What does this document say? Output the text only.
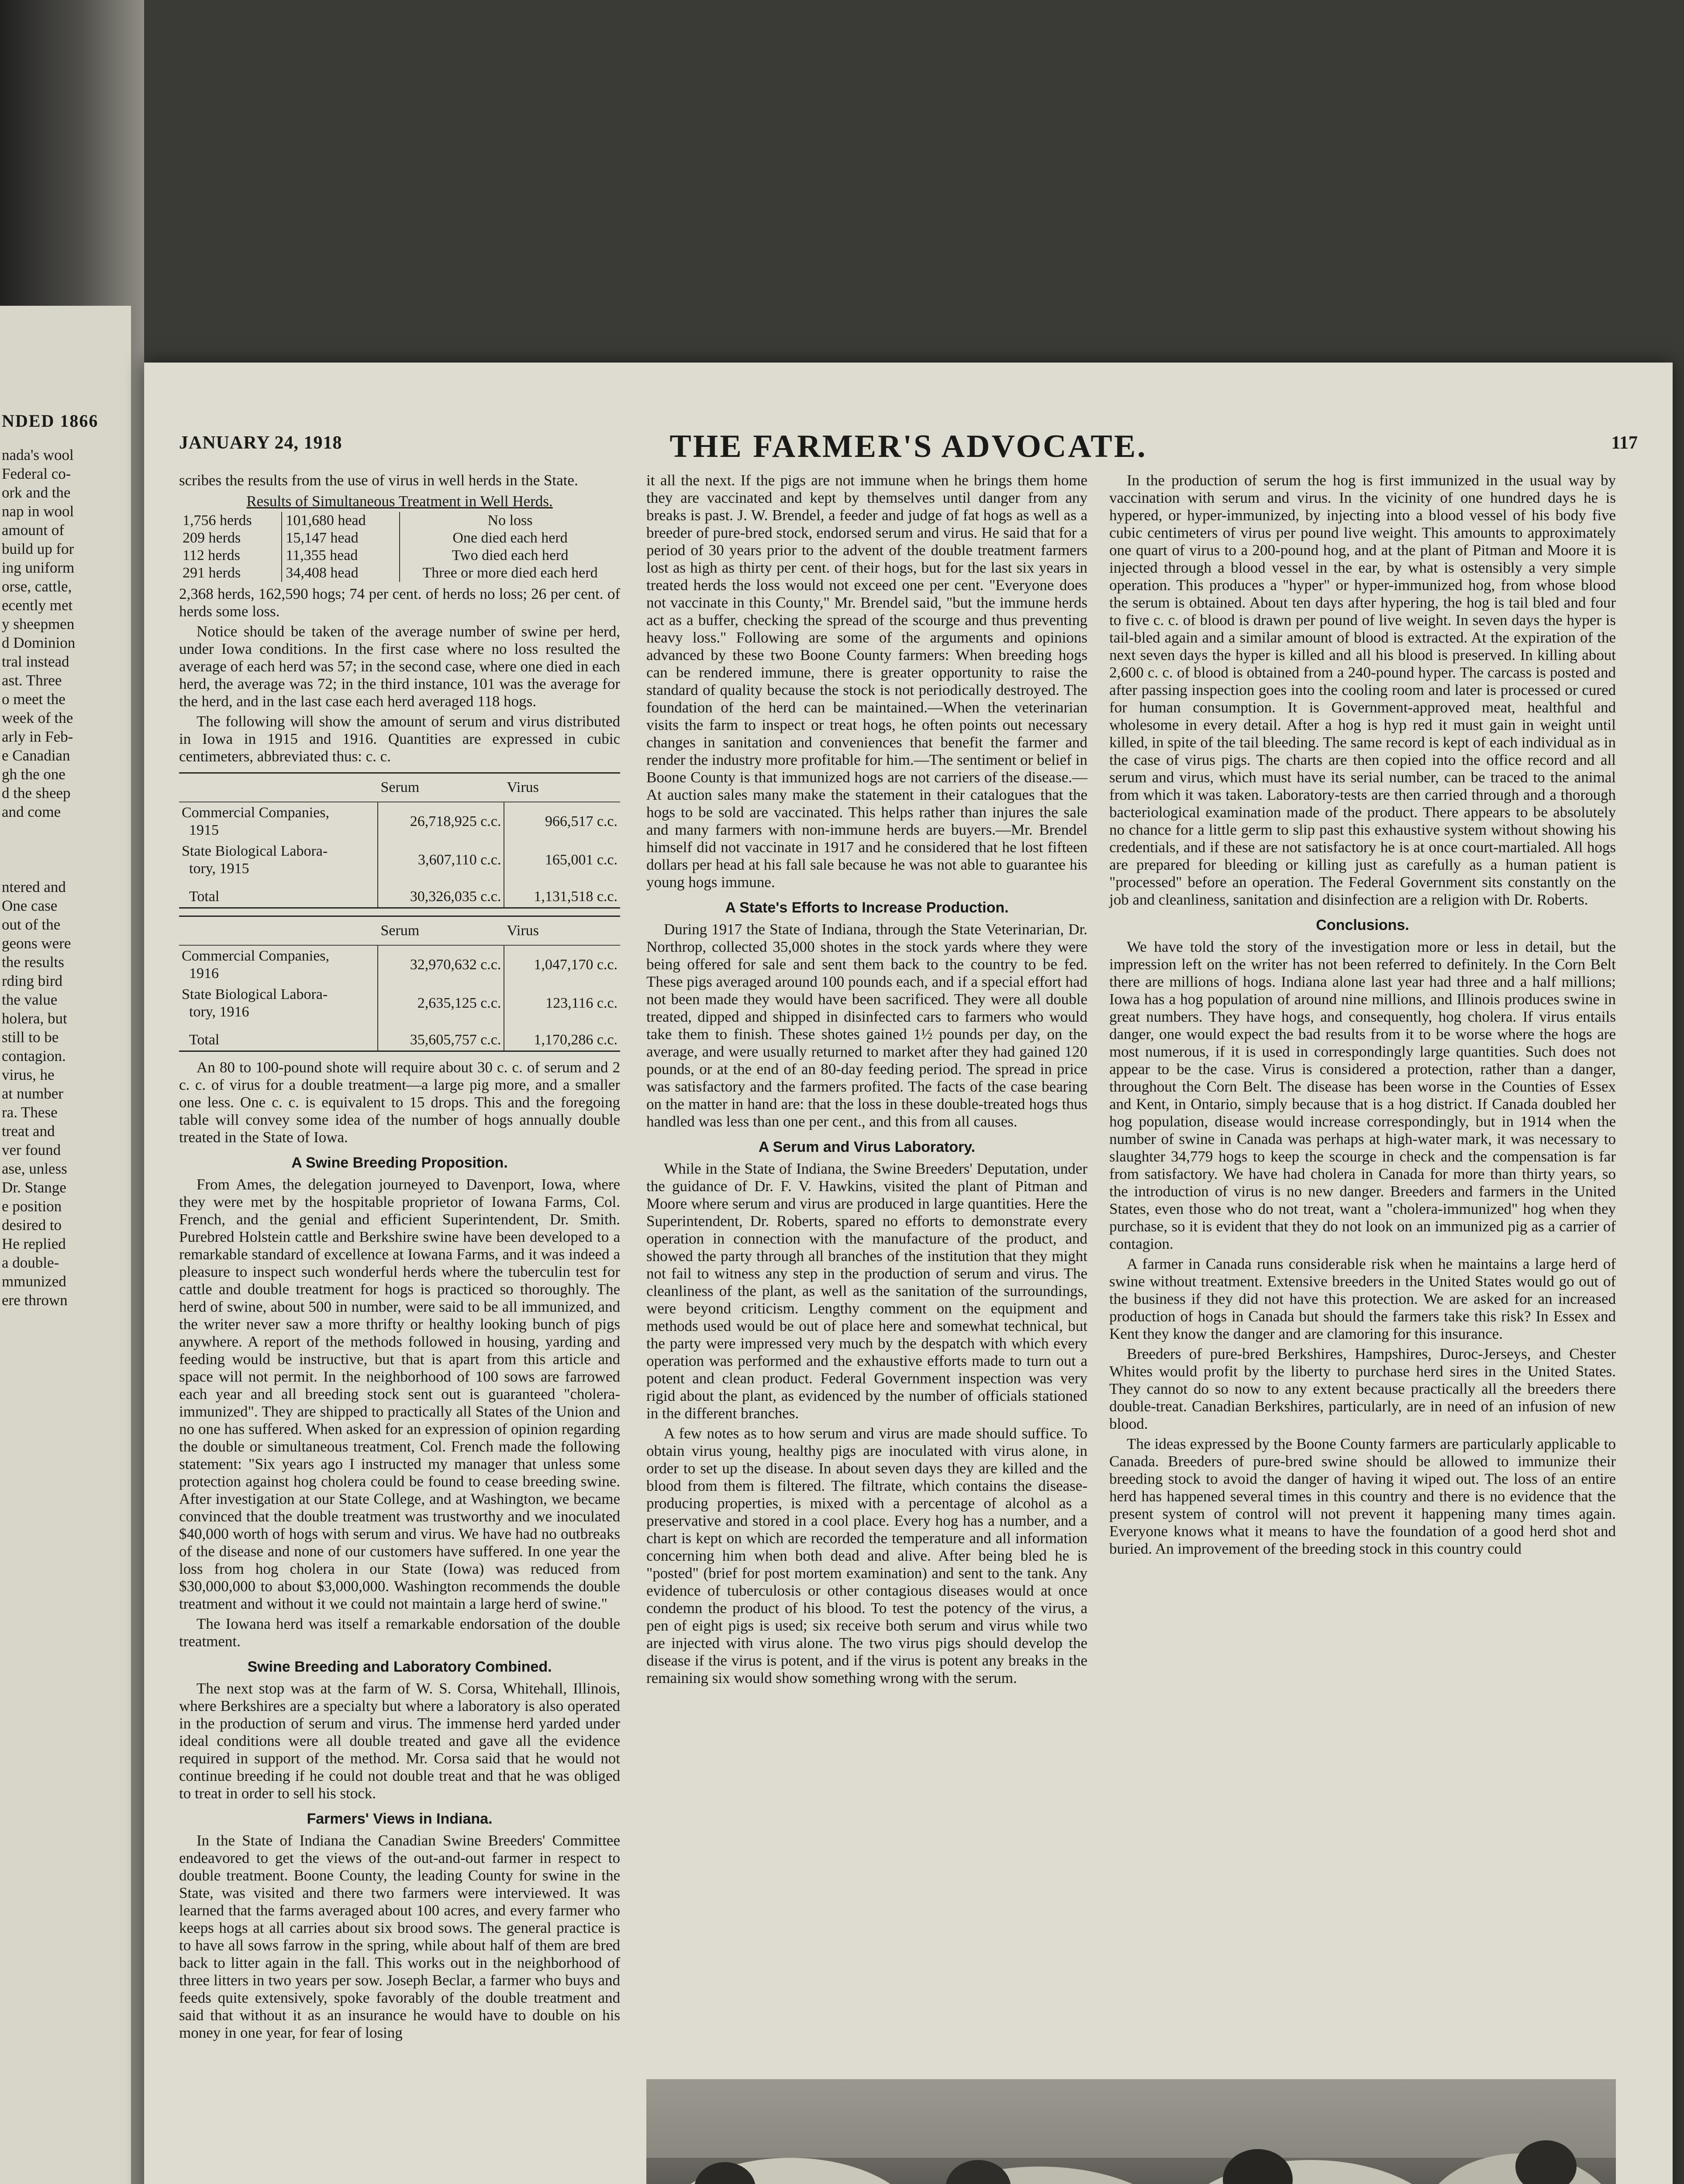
NDED 1866
nada's wool
Federal co-
ork and the
nap in wool
amount of
build up for
ing uniform
orse, cattle,
ecently met
y sheepmen
d Dominion
tral instead
ast. Three
o meet the
week of the
arly in Feb-
e Canadian
gh the one
d the sheep
and come

ntered and
One case
out of the
geons were
the results
rding bird
the value
holera, but
still to be
contagion.
virus, he
at number
ra. These
treat and
ver found
ase, unless
Dr. Stange
e position
desired to
He replied
a double-
mmunized
ere thrown
JANUARY 24, 1918	THE FARMER'S ADVOCATE.	117

scribes the results from the use of virus in well herds in the State.

Results of Simultaneous Treatment in Well Herds.
1,756 herds	101,680 head	No loss
209 herds	15,147 head	One died each herd
112 herds	11,355 head	Two died each herd
291 herds	34,408 head	Three or more died each herd

2,368 herds, 162,590 hogs; 74 per cent. of herds no loss; 26 per cent. of herds some loss.

Notice should be taken of the average number of swine per herd, under Iowa conditions. In the first case where no loss resulted the average of each herd was 57; in the second case, where one died in each herd, the average was 72; in the third instance, 101 was the average for the herd, and in the last case each herd averaged 118 hogs.

The following will show the amount of serum and virus distributed in Iowa in 1915 and 1916. Quantities are expressed in cubic centimeters, abbreviated thus: c. c.

	Serum	Virus
Commercial Companies,
1915	26,718,925 c.c.	966,517 c.c.
State Biological Labora-
tory, 1915	3,607,110 c.c.	165,001 c.c.
Total	30,326,035 c.c.	1,131,518 c.c.
	Serum	Virus
Commercial Companies,
1916	32,970,632 c.c.	1,047,170 c.c.
State Biological Labora-
tory, 1916	2,635,125 c.c.	123,116 c.c.
Total	35,605,757 c.c.	1,170,286 c.c.

An 80 to 100-pound shote will require about 30 c. c. of serum and 2 c. c. of virus for a double treatment—a large pig more, and a smaller one less. One c. c. is equivalent to 15 drops. This and the foregoing table will convey some idea of the number of hogs annually double treated in the State of Iowa.

A Swine Breeding Proposition.

From Ames, the delegation journeyed to Davenport, Iowa, where they were met by the hospitable proprietor of Iowana Farms, Col. French, and the genial and efficient Superintendent, Dr. Smith. Purebred Holstein cattle and Berkshire swine have been developed to a remarkable standard of excellence at Iowana Farms, and it was indeed a pleasure to inspect such wonderful herds where the tuberculin test for cattle and double treatment for hogs is practiced so thoroughly. The herd of swine, about 500 in number, were said to be all immunized, and the writer never saw a more thrifty or healthy looking bunch of pigs anywhere. A report of the methods followed in housing, yarding and feeding would be instructive, but that is apart from this article and space will not permit. In the neighborhood of 100 sows are farrowed each year and all breeding stock sent out is guaranteed "cholera-immunized". They are shipped to practically all States of the Union and no one has suffered. When asked for an expression of opinion regarding the double or simultaneous treatment, Col. French made the following statement: "Six years ago I instructed my manager that unless some protection against hog cholera could be found to cease breeding swine. After investigation at our State College, and at Washington, we became convinced that the double treatment was trustworthy and we inoculated $40,000 worth of hogs with serum and virus. We have had no outbreaks of the disease and none of our customers have suffered. In one year the loss from hog cholera in our State (Iowa) was reduced from $30,000,000 to about $3,000,000. Washington recommends the double treatment and without it we could not maintain a large herd of swine."

The Iowana herd was itself a remarkable endorsation of the double treatment.

Swine Breeding and Laboratory Combined.

The next stop was at the farm of W. S. Corsa, Whitehall, Illinois, where Berkshires are a specialty but where a laboratory is also operated in the production of serum and virus. The immense herd yarded under ideal conditions were all double treated and gave all the evidence required in support of the method. Mr. Corsa said that he would not continue breeding if he could not double treat and that he was obliged to treat in order to sell his stock.

Farmers' Views in Indiana.

In the State of Indiana the Canadian Swine Breeders' Committee endeavored to get the views of the out-and-out farmer in respect to double treatment. Boone County, the leading County for swine in the State, was visited and there two farmers were interviewed. It was learned that the farms averaged about 100 acres, and every farmer who keeps hogs at all carries about six brood sows. The general practice is to have all sows farrow in the spring, while about half of them are bred back to litter again in the fall. This works out in the neighborhood of three litters in two years per sow. Joseph Beclar, a farmer who buys and feeds quite extensively, spoke favorably of the double treatment and said that without it as an insurance he would have to double on his money in one year, for fear of losing

it all the next. If the pigs are not immune when he brings them home they are vaccinated and kept by themselves until danger from any breaks is past. J. W. Brendel, a feeder and judge of fat hogs as well as a breeder of pure-bred stock, endorsed serum and virus. He said that for a period of 30 years prior to the advent of the double treatment farmers lost as high as thirty per cent. of their hogs, but for the last six years in treated herds the loss would not exceed one per cent. "Everyone does not vaccinate in this County," Mr. Brendel said, "but the immune herds act as a buffer, checking the spread of the scourge and thus preventing heavy loss." Following are some of the arguments and opinions advanced by these two Boone County farmers: When breeding hogs can be rendered immune, there is greater opportunity to raise the standard of quality because the stock is not periodically destroyed. The foundation of the herd can be maintained.—When the veterinarian visits the farm to inspect or treat hogs, he often points out necessary changes in sanitation and conveniences that benefit the farmer and render the industry more profitable for him.—The sentiment or belief in Boone County is that immunized hogs are not carriers of the disease.—At auction sales many make the statement in their catalogues that the hogs to be sold are vaccinated. This helps rather than injures the sale and many farmers with non-immune herds are buyers.—Mr. Brendel himself did not vaccinate in 1917 and he considered that he lost fifteen dollars per head at his fall sale because he was not able to guarantee his young hogs immune.

A State's Efforts to Increase Production.

During 1917 the State of Indiana, through the State Veterinarian, Dr. Northrop, collected 35,000 shotes in the stock yards where they were being offered for sale and sent them back to the country to be fed. These pigs averaged around 100 pounds each, and if a special effort had not been made they would have been sacrificed. They were all double treated, dipped and shipped in disinfected cars to farmers who would take them to finish. These shotes gained 1½ pounds per day, on the average, and were usually returned to market after they had gained 120 pounds, or at the end of an 80-day feeding period. The spread in price was satisfactory and the farmers profited. The facts of the case bearing on the matter in hand are: that the loss in these double-treated hogs thus handled was less than one per cent., and this from all causes.

A Serum and Virus Laboratory.

While in the State of Indiana, the Swine Breeders' Deputation, under the guidance of Dr. F. V. Hawkins, visited the plant of Pitman and Moore where serum and virus are produced in large quantities. Here the Superintendent, Dr. Roberts, spared no efforts to demonstrate every operation in connection with the manufacture of the product, and showed the party through all branches of the institution that they might not fail to witness any step in the production of serum and virus. The cleanliness of the plant, as well as the sanitation of the surroundings, were beyond criticism. Lengthy comment on the equipment and methods used would be out of place here and somewhat technical, but the party were impressed very much by the despatch with which every operation was performed and the exhaustive efforts made to turn out a potent and clean product. Federal Government inspection was very rigid about the plant, as evidenced by the number of officials stationed in the different branches.

A few notes as to how serum and virus are made should suffice. To obtain virus young, healthy pigs are inoculated with virus alone, in order to set up the disease. In about seven days they are killed and the blood from them is filtered. The filtrate, which contains the disease-producing properties, is mixed with a percentage of alcohol as a preservative and stored in a cool place. Every hog has a number, and a chart is kept on which are recorded the temperature and all information concerning him when both dead and alive. After being bled he is "posted" (brief for post mortem examination) and sent to the tank. Any evidence of tuberculosis or other contagious diseases would at once condemn the product of his blood. To test the potency of the virus, a pen of eight pigs is used; six receive both serum and virus while two are injected with virus alone. The two virus pigs should develop the disease if the virus is potent, and if the virus is potent any breaks in the remaining six would show something wrong with the serum.

In the production of serum the hog is first immunized in the usual way by vaccination with serum and virus. In the vicinity of one hundred days he is hypered, or hyper-immunized, by injecting into a blood vessel of his body five cubic centimeters of virus per pound live weight. This amounts to approximately one quart of virus to a 200-pound hog, and at the plant of Pitman and Moore it is injected through a blood vessel in the ear, by what is ostensibly a very simple operation. This produces a "hyper" or hyper-immunized hog, from whose blood the serum is obtained. About ten days after hypering, the hog is tail bled and four to five c. c. of blood is drawn per pound of live weight. In seven days the hyper is tail-bled again and a similar amount of blood is extracted. At the expiration of the next seven days the hyper is killed and all his blood is preserved. In killing about 2,600 c. c. of blood is obtained from a 240-pound hyper. The carcass is posted and after passing inspection goes into the cooling room and later is processed or cured for human consumption. It is Government-approved meat, healthful and wholesome in every detail. After a hog is hyp red it must gain in weight until killed, in spite of the tail bleeding. The same record is kept of each individual as in the case of virus pigs. The charts are then copied into the office record and all serum and virus, which must have its serial number, can be traced to the animal from which it was taken. Laboratory-tests are then carried through and a thorough bacteriological examination made of the product. There appears to be absolutely no chance for a little germ to slip past this exhaustive system without showing his credentials, and if these are not satisfactory he is at once court-martialed. All hogs are prepared for bleeding or killing just as carefully as a human patient is "processed" before an operation. The Federal Government sits constantly on the job and cleanliness, sanitation and disinfection are a religion with Dr. Roberts.

Conclusions.

We have told the story of the investigation more or less in detail, but the impression left on the writer has not been referred to definitely. In the Corn Belt there are millions of hogs. Indiana alone last year had three and a half millions; Iowa has a hog population of around nine millions, and Illinois produces swine in great numbers. They have hogs, and consequently, hog cholera. If virus entails danger, one would expect the bad results from it to be worse where the hogs are most numerous, if it is used in correspondingly large quantities. Such does not appear to be the case. Virus is considered a protection, rather than a danger, throughout the Corn Belt. The disease has been worse in the Counties of Essex and Kent, in Ontario, simply because that is a hog district. If Canada doubled her hog population, disease would increase correspondingly, but in 1914 when the number of swine in Canada was perhaps at high-water mark, it was necessary to slaughter 34,779 hogs to keep the scourge in check and the compensation is far from satisfactory. We have had cholera in Canada for more than thirty years, so the introduction of virus is no new danger. Breeders and farmers in the United States, even those who do not treat, want a "cholera-immunized" hog when they purchase, so it is evident that they do not look on an immunized pig as a carrier of contagion.

A farmer in Canada runs considerable risk when he maintains a large herd of swine without treatment. Extensive breeders in the United States would go out of the business if they did not have this protection. We are asked for an increased production of hogs in Canada but should the farmers take this risk? In Essex and Kent they know the danger and are clamoring for this insurance.

Breeders of pure-bred Berkshires, Hampshires, Duroc-Jerseys, and Chester Whites would profit by the liberty to purchase herd sires in the United States. They cannot do so now to any extent because practically all the breeders there double-treat. Canadian Berkshires, particularly, are in need of an infusion of new blood.

The ideas expressed by the Boone County farmers are particularly applicable to Canada. Breeders of pure-bred swine should be allowed to immunize their breeding stock to avoid the danger of having it wiped out. The loss of an entire herd has happened several times in this country and there is no evidence that the present system of control will not prevent it happening many times again. Everyone knows what it means to have the foundation of a good herd shot and buried. An improvement of the breeding stock in this country could
